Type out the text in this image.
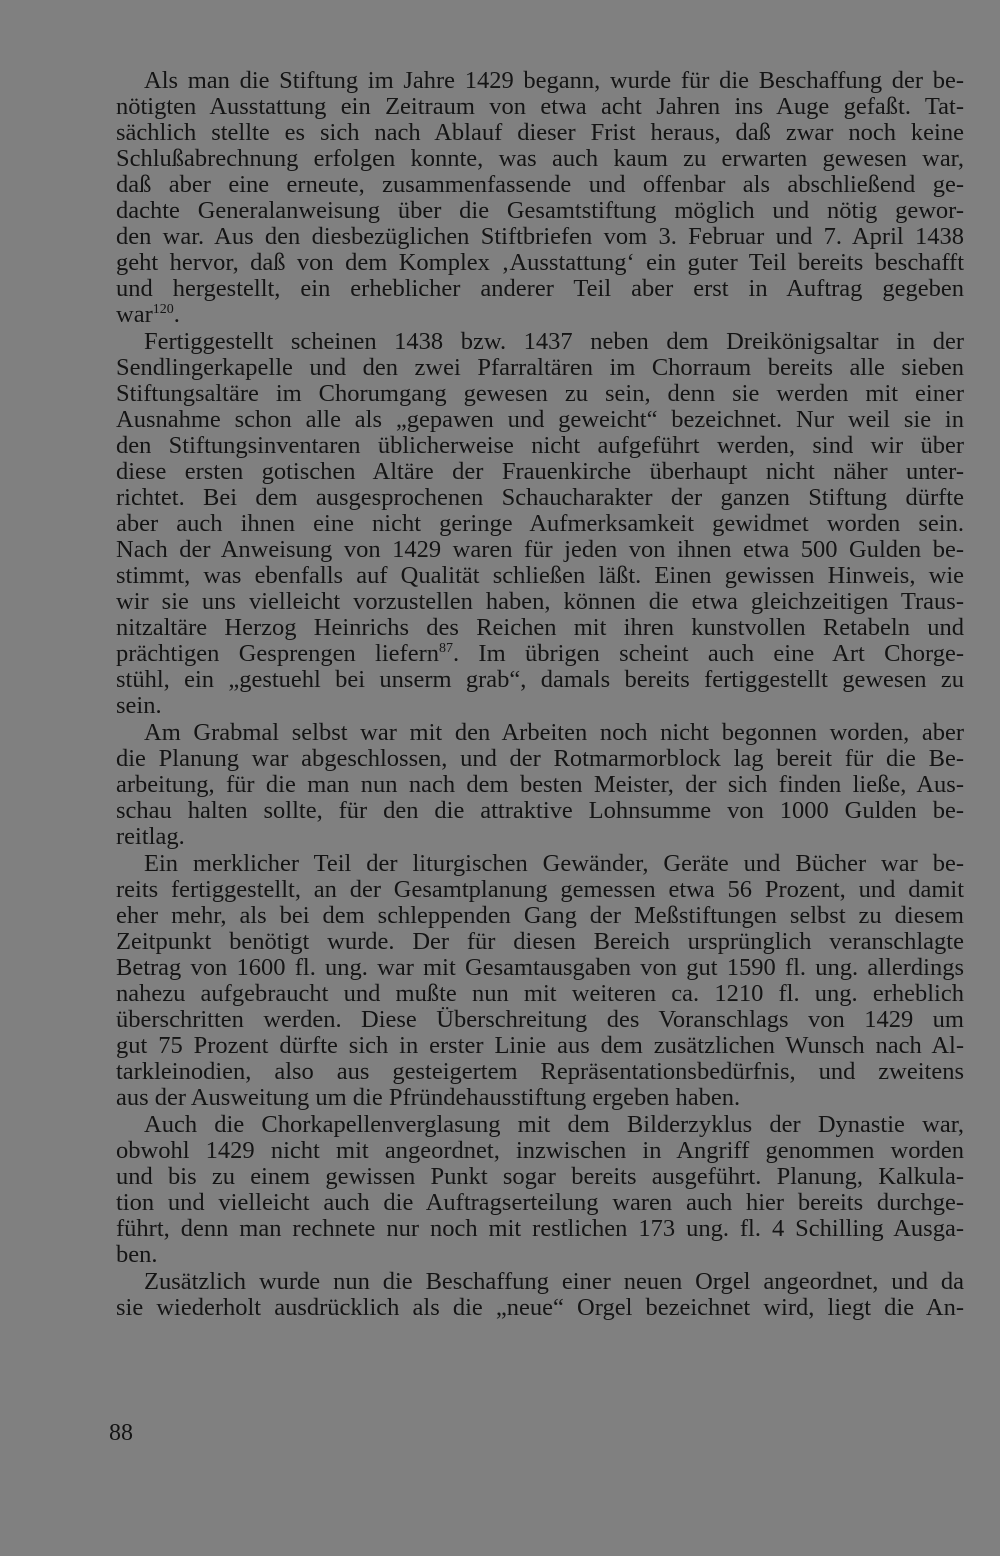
Als man die Stiftung im Jahre 1429 begann, wurde für die Beschaffung der be-
nötigten Ausstattung ein Zeitraum von etwa acht Jahren ins Auge gefaßt. Tat-
sächlich stellte es sich nach Ablauf dieser Frist heraus, daß zwar noch keine
Schlußabrechnung erfolgen konnte, was auch kaum zu erwarten gewesen war,
daß aber eine erneute, zusammenfassende und offenbar als abschließend ge-
dachte Generalanweisung über die Gesamtstiftung möglich und nötig gewor-
den war. Aus den diesbezüglichen Stiftbriefen vom 3. Februar und 7. April 1438
geht hervor, daß von dem Komplex ‚Ausstattung‘ ein guter Teil bereits beschafft
und hergestellt, ein erheblicher anderer Teil aber erst in Auftrag gegeben
war$^{120}$.
Fertiggestellt scheinen 1438 bzw. 1437 neben dem Dreikönigsaltar in der
Sendlingerkapelle und den zwei Pfarraltären im Chorraum bereits alle sieben
Stiftungsaltäre im Chorumgang gewesen zu sein, denn sie werden mit einer
Ausnahme schon alle als „gepawen und geweicht“ bezeichnet. Nur weil sie in
den Stiftungsinventaren üblicherweise nicht aufgeführt werden, sind wir über
diese ersten gotischen Altäre der Frauenkirche überhaupt nicht näher unter-
richtet. Bei dem ausgesprochenen Schaucharakter der ganzen Stiftung dürfte
aber auch ihnen eine nicht geringe Aufmerksamkeit gewidmet worden sein.
Nach der Anweisung von 1429 waren für jeden von ihnen etwa 500 Gulden be-
stimmt, was ebenfalls auf Qualität schließen läßt. Einen gewissen Hinweis, wie
wir sie uns vielleicht vorzustellen haben, können die etwa gleichzeitigen Traus-
nitzaltäre Herzog Heinrichs des Reichen mit ihren kunstvollen Retabeln und
prächtigen Gesprengen liefern$^{87}$. Im übrigen scheint auch eine Art Chorge-
stühl, ein „gestuehl bei unserm grab“, damals bereits fertiggestellt gewesen zu
sein.
Am Grabmal selbst war mit den Arbeiten noch nicht begonnen worden, aber
die Planung war abgeschlossen, und der Rotmarmorblock lag bereit für die Be-
arbeitung, für die man nun nach dem besten Meister, der sich finden ließe, Aus-
schau halten sollte, für den die attraktive Lohnsumme von 1000 Gulden be-
reitlag.
Ein merklicher Teil der liturgischen Gewänder, Geräte und Bücher war be-
reits fertiggestellt, an der Gesamtplanung gemessen etwa 56 Prozent, und damit
eher mehr, als bei dem schleppenden Gang der Meßstiftungen selbst zu diesem
Zeitpunkt benötigt wurde. Der für diesen Bereich ursprünglich veranschlagte
Betrag von 1600 fl. ung. war mit Gesamtausgaben von gut 1590 fl. ung. allerdings
nahezu aufgebraucht und mußte nun mit weiteren ca. 1210 fl. ung. erheblich
überschritten werden. Diese Überschreitung des Voranschlags von 1429 um
gut 75 Prozent dürfte sich in erster Linie aus dem zusätzlichen Wunsch nach Al-
tarkleinodien, also aus gesteigertem Repräsentationsbedürfnis, und zweitens
aus der Ausweitung um die Pfründehausstiftung ergeben haben.
Auch die Chorkapellenverglasung mit dem Bilderzyklus der Dynastie war,
obwohl 1429 nicht mit angeordnet, inzwischen in Angriff genommen worden
und bis zu einem gewissen Punkt sogar bereits ausgeführt. Planung, Kalkula-
tion und vielleicht auch die Auftragserteilung waren auch hier bereits durchge-
führt, denn man rechnete nur noch mit restlichen 173 ung. fl. 4 Schilling Ausga-
ben.
Zusätzlich wurde nun die Beschaffung einer neuen Orgel angeordnet, und da
sie wiederholt ausdrücklich als die „neue“ Orgel bezeichnet wird, liegt die An-
88
